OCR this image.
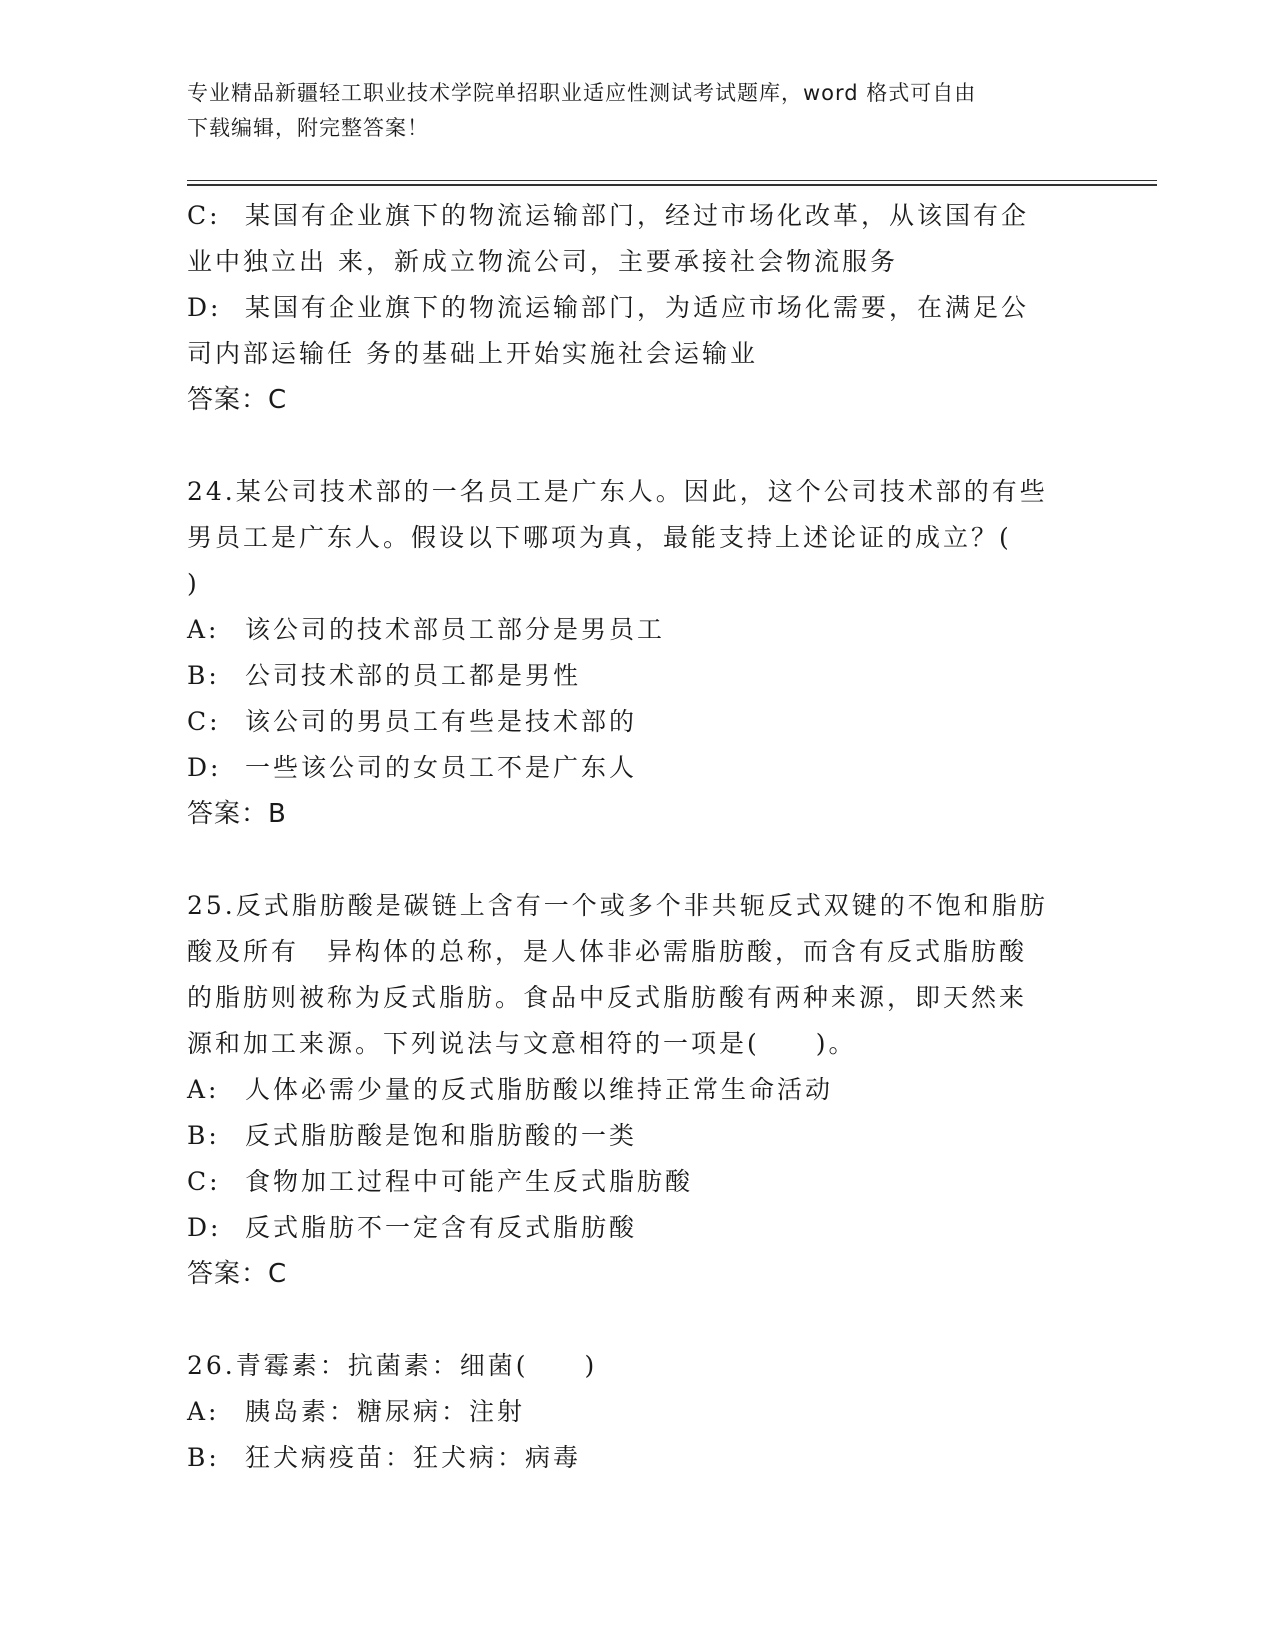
专业精品新疆轻工职业技术学院单招职业适应性测试考试题库，word 格式可自由
下载编辑，附完整答案！
C: 某国有企业旗下的物流运输部门，经过市场化改革，从该国有企
业中独立出 来，新成立物流公司，主要承接社会物流服务
D: 某国有企业旗下的物流运输部门，为适应市场化需要，在满足公
司内部运输任 务的基础上开始实施社会运输业
答案：C
24.某公司技术部的一名员工是广东人。因此，这个公司技术部的有些
男员工是广东人。假设以下哪项为真，最能支持上述论证的成立？(
)
A: 该公司的技术部员工部分是男员工
B: 公司技术部的员工都是男性
C: 该公司的男员工有些是技术部的
D: 一些该公司的女员工不是广东人
答案：B
25.反式脂肪酸是碳链上含有一个或多个非共轭反式双键的不饱和脂肪
酸及所有　异构体的总称，是人体非必需脂肪酸，而含有反式脂肪酸
的脂肪则被称为反式脂肪。食品中反式脂肪酸有两种来源，即天然来
源和加工来源。下列说法与文意相符的一项是(　　)。
A: 人体必需少量的反式脂肪酸以维持正常生命活动
B: 反式脂肪酸是饱和脂肪酸的一类
C: 食物加工过程中可能产生反式脂肪酸
D: 反式脂肪不一定含有反式脂肪酸
答案：C
26.青霉素：抗菌素：细菌(　　)
A: 胰岛素：糖尿病：注射
B: 狂犬病疫苗：狂犬病：病毒
